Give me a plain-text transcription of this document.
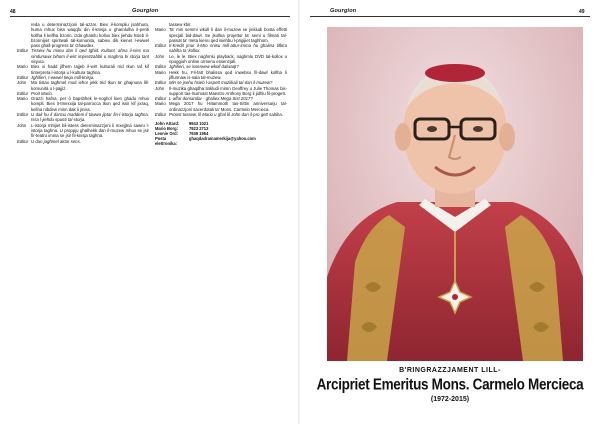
48	Gourgion
reda u determinazzjoni tal-azzar. Biex il-kompliu jsahhura, huma mhux biss waqqfu din il-knisja u ghamlulha il-periti kollha li kellha bzonn, izda ghamlu kollox biex jiehdu hsieb il-bzonnijiet spiritwali tal-komunita, sabiex dik kienet l-ewwel pass ghall-progress ta' Ghawdex.
Editur Tissew hu mimu dan li qed tghid. Kultant, ahna il-nies ma nindunawx bihom il-wirt imprezzabbli u maghna bi storja tant sinjura.
Mario Biex xi hadd jifhem tajjeb il-wirt kulturali rrid tkun taf kif tinterpreta l-istorja u l-kultura taghna.
Editur Jghifieri, l-ewwel tieqa mill-knisja.
John	Ma tistax tagħmel mod ieħor jekk trid tkun ta' ghajnuna lill-komunità u l-pajjiż.
Editur Proit Mario.
Mario Grazzi hafna, per ò bapsbhek le-noghol kien ghadu mhux kompli. Biex it-tmexxija tal-parrocca tkun qed issir kif jixraq, kellna nibdew minn dak li jmiss.
Editur U dak hu li darmu maddeni li tawwa jiptar fin-l-istorja taghna. Issa l-jiehdu spunti tal-storja.
John	L-istorja mhijiet bil-istess determinazzjoni li mxejjtna sawru l-istorja taghna. U proppju ghalhekk dan il-muzew mhux se jsir fir-teatru imma se jsir fil-knisja taghna.
Editur U dan jaghmel aktar sens.
tassew kbir.
Mario Ta' min semmi wkoll li dan il-muzew se jinkludi bosta effetti specjali bid-dawl. Se jkollna projettur ta' semi u filmati tal-passat ta' meta kienu qed isiehbu l-prigijiet taghhom.
Editur Il-Kredit jmur il-Mro nnisu mill-attur-imma hu ghalina tifkira sabiha ta' kollox.
John	Le, le le. Biex naghmlu playback, naghmlu DVD tal-kollox u npoggiuh online ormenu essenzjali.
Editur Jghifieri, se isserwew wkoll dalwaqt?
Mario Hekk hu. Fil-fatt bhalissa qed inwebsu fil-dawl kollha li jiffurmaw is-sala tal-muzew.
Editur Min se jsehu hsieb l-aspett muziikali tal-dan il-muzew?
John	Il-muzika ghaqdha tinkludi mimn Geoffrey u Julie Thomas bis-support tas-Surmast Maestro Anthony Borg li jidhlu fil-progett.
Editur L-affar domandar - ghaliex Mega Sist 2017?
Mario Mega 2017 hu l-Mammoth tas-Sittin anniversarju tal-ordinazzjoni sacerdotali ta' Mons. Carmelo Mercieca.
Editur Proost tassew, lil Mario u ghal lil John dan il-pro gett sabiha.
John Attard:	9943 1021
Mario Borg:	7923 2713
Leonie Ord:	7939 1954
Posta elettronika:
ghaqdadramamerkija@yahoo.com
Gourgion	49
B'RINGRAZZJAMENT LILL-
Arcipriet Emeritus Mons. Carmelo Mercieca
(1972-2015)
